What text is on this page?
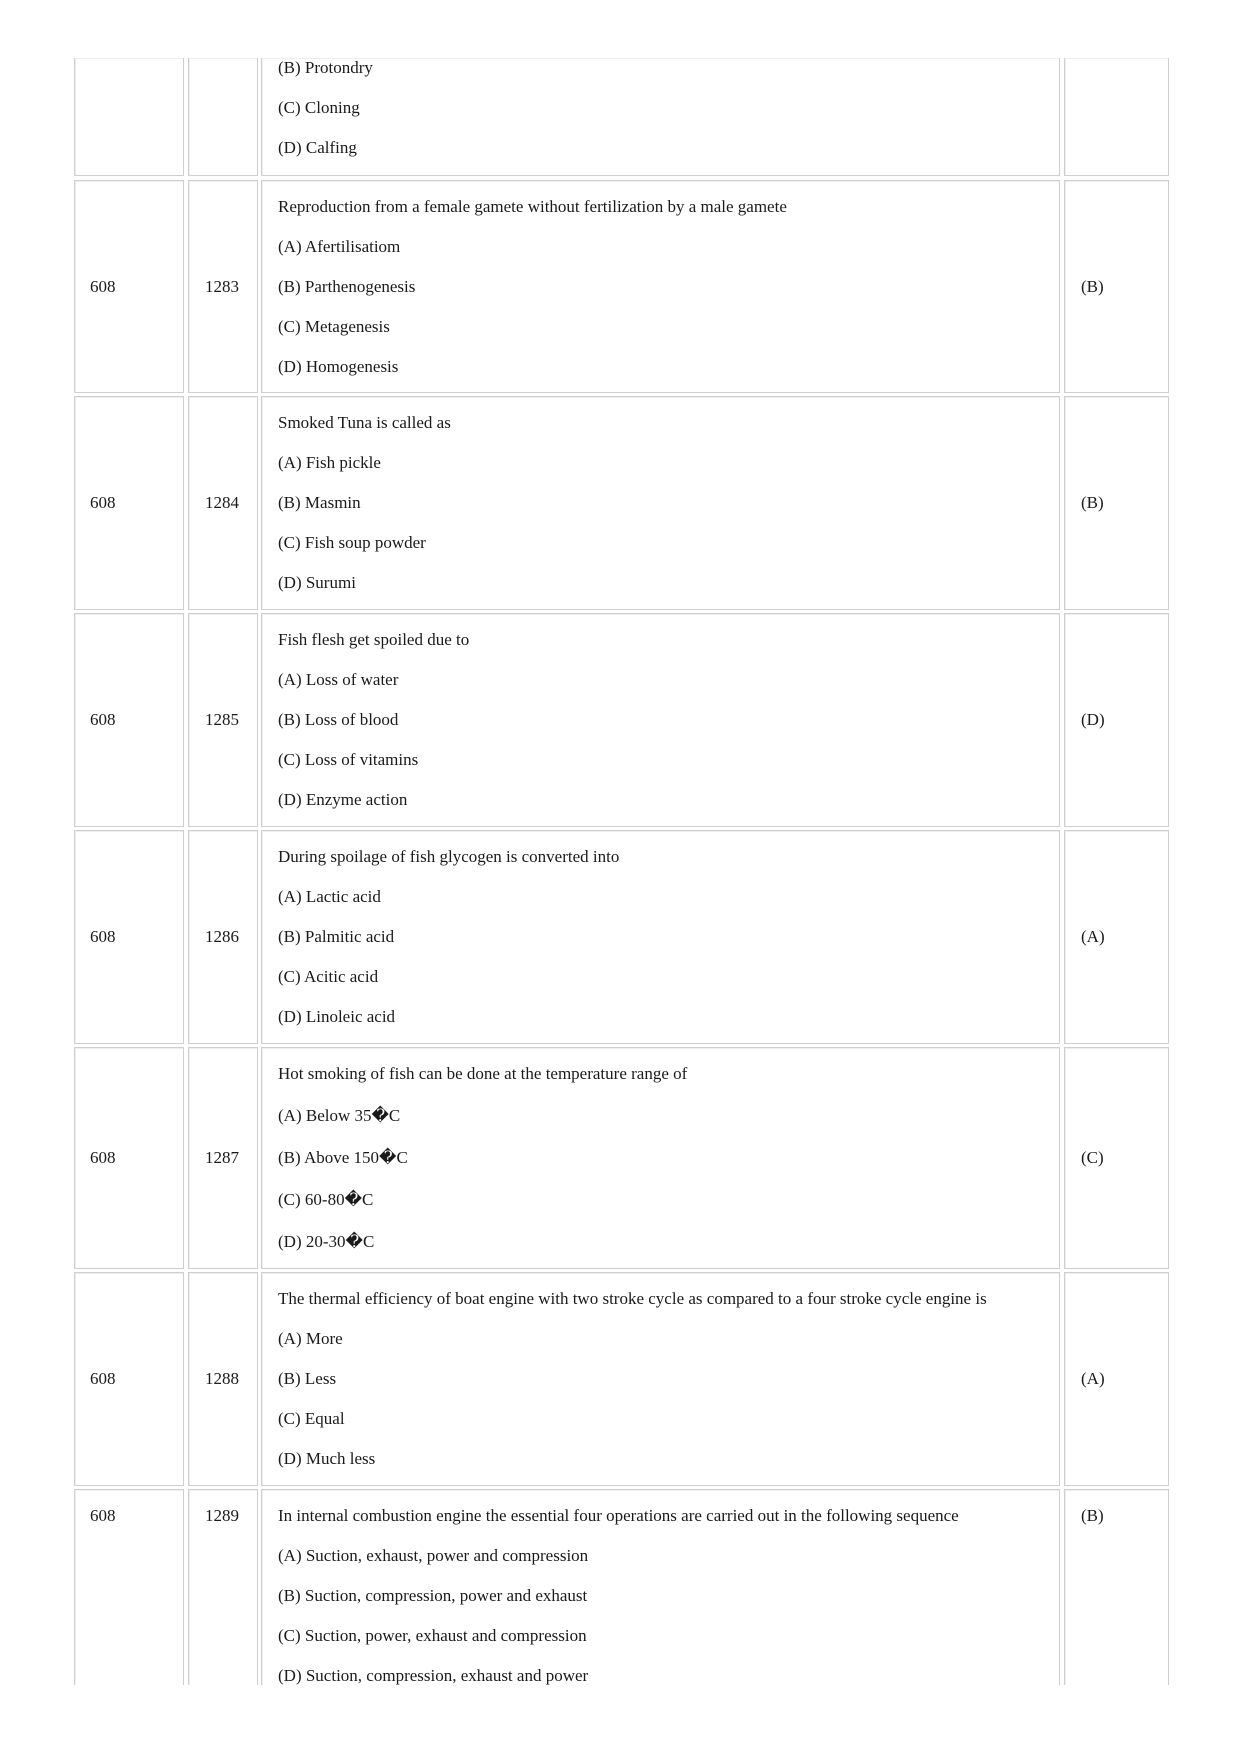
(B) Protondry
(C) Cloning
(D) Calfing
608	1283
Reproduction from a female gamete without fertilization by a male gamete
(A) Afertilisatiom
(B) Parthenogenesis
(C) Metagenesis
(D) Homogenesis
(B)
608	1284
Smoked Tuna is called as
(A) Fish pickle
(B) Masmin
(C) Fish soup powder
(D) Surumi
(B)
608	1285
Fish flesh get spoiled due to
(A) Loss of water
(B) Loss of blood
(C) Loss of vitamins
(D) Enzyme action
(D)
608	1286
During spoilage of fish glycogen is converted into
(A) Lactic acid
(B) Palmitic acid
(C) Acitic acid
(D) Linoleic acid
(A)
608	1287
Hot smoking of fish can be done at the temperature range of
(A) Below 35�C
(B) Above 150�C
(C) 60-80�C
(D) 20-30�C
(C)
608	1288
The thermal efficiency of boat engine with two stroke cycle as compared to a four stroke cycle engine is
(A) More
(B) Less
(C) Equal
(D) Much less
(A)
608	1289 In internal combustion engine the essential four operations are carried out in the following sequence
(A) Suction, exhaust, power and compression
(B) Suction, compression, power and exhaust
(C) Suction, power, exhaust and compression
(D) Suction, compression, exhaust and power
(B)
